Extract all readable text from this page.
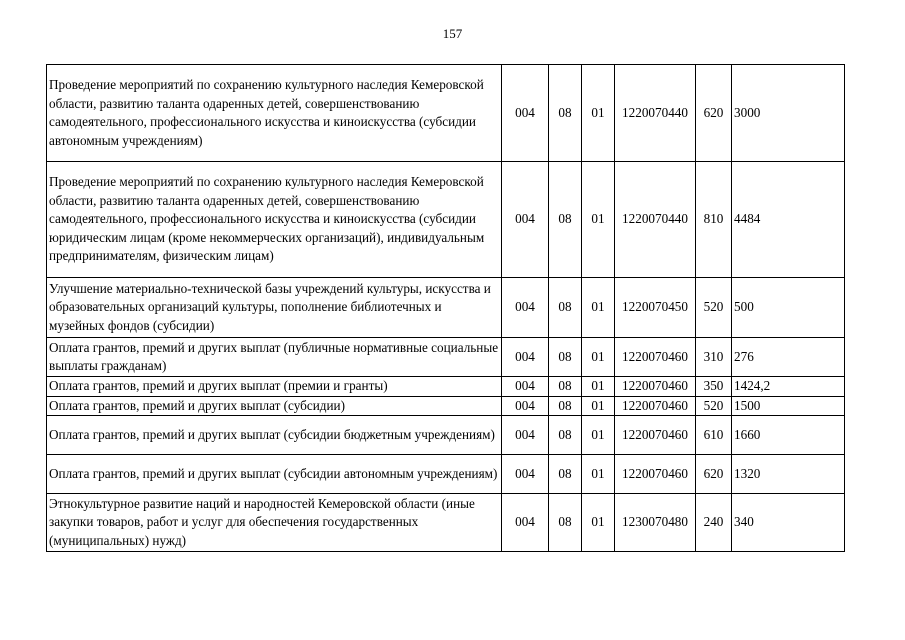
157
Проведение мероприятий по сохранению культурного наследия Кемеровской области, развитию таланта одаренных детей, совершенствованию самодеятельного, профессионального искусства и киноискусства (субсидии автономным учреждениям)	004	08	01	1220070440	620	3000
Проведение мероприятий по сохранению культурного наследия Кемеровской области, развитию таланта одаренных детей, совершенствованию самодеятельного, профессионального искусства и киноискусства (субсидии юридическим лицам (кроме некоммерческих организаций), индивидуальным предпринимателям, физическим лицам)	004	08	01	1220070440	810	4484
Улучшение материально-технической базы учреждений культуры, искусства и образовательных организаций культуры, пополнение библиотечных и музейных фондов (субсидии)	004	08	01	1220070450	520	500
Оплата грантов, премий и других выплат (публичные нормативные социальные выплаты гражданам)	004	08	01	1220070460	310	276
Оплата грантов, премий и других выплат (премии и гранты)	004	08	01	1220070460	350	1424,2
Оплата грантов, премий и других выплат (субсидии)	004	08	01	1220070460	520	1500
Оплата грантов, премий и других выплат (субсидии бюджетным учреждениям)	004	08	01	1220070460	610	1660
Оплата грантов, премий и других выплат (субсидии автономным учреждениям)	004	08	01	1220070460	620	1320
Этнокультурное развитие наций и народностей Кемеровской области (иные закупки товаров, работ и услуг для обеспечения государственных (муниципальных) нужд)	004	08	01	1230070480	240	340
